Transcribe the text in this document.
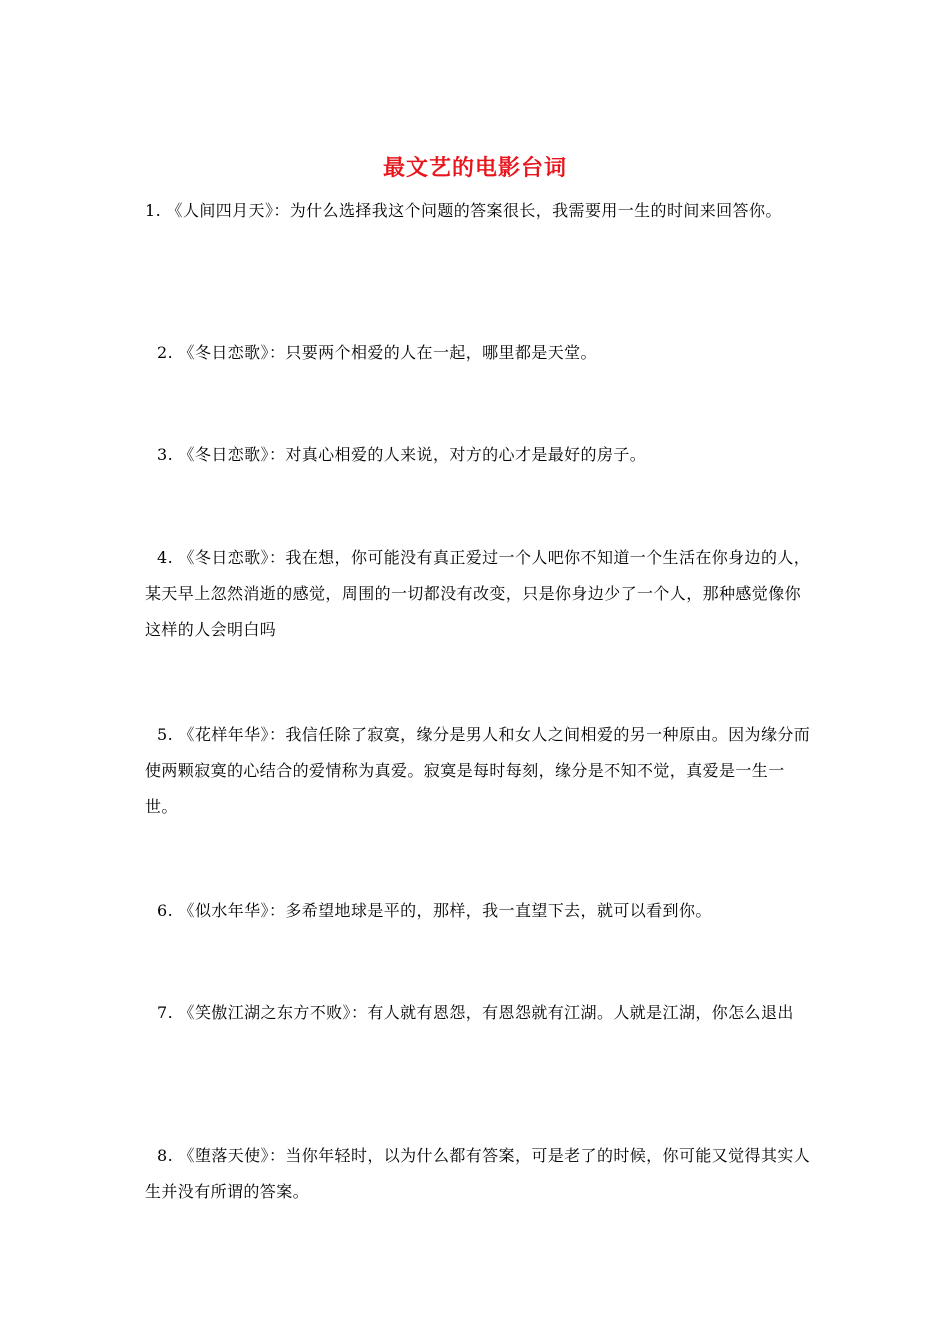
最文艺的电影台词

1. 《人间四月天》：为什么选择我这个问题的答案很长，我需要用一生的时间来回答你。

2. 《冬日恋歌》：只要两个相爱的人在一起，哪里都是天堂。

3. 《冬日恋歌》：对真心相爱的人来说，对方的心才是最好的房子。

4. 《冬日恋歌》：我在想，你可能没有真正爱过一个人吧你不知道一个生活在你身边的人，某天早上忽然消逝的感觉，周围的一切都没有改变，只是你身边少了一个人，那种感觉像你这样的人会明白吗

5. 《花样年华》：我信任除了寂寞，缘分是男人和女人之间相爱的另一种原由。因为缘分而使两颗寂寞的心结合的爱情称为真爱。寂寞是每时每刻，缘分是不知不觉，真爱是一生一世。

6. 《似水年华》：多希望地球是平的，那样，我一直望下去，就可以看到你。

7. 《笑傲江湖之东方不败》：有人就有恩怨，有恩怨就有江湖。人就是江湖，你怎么退出

8. 《堕落天使》：当你年轻时，以为什么都有答案，可是老了的时候，你可能又觉得其实人生并没有所谓的答案。
